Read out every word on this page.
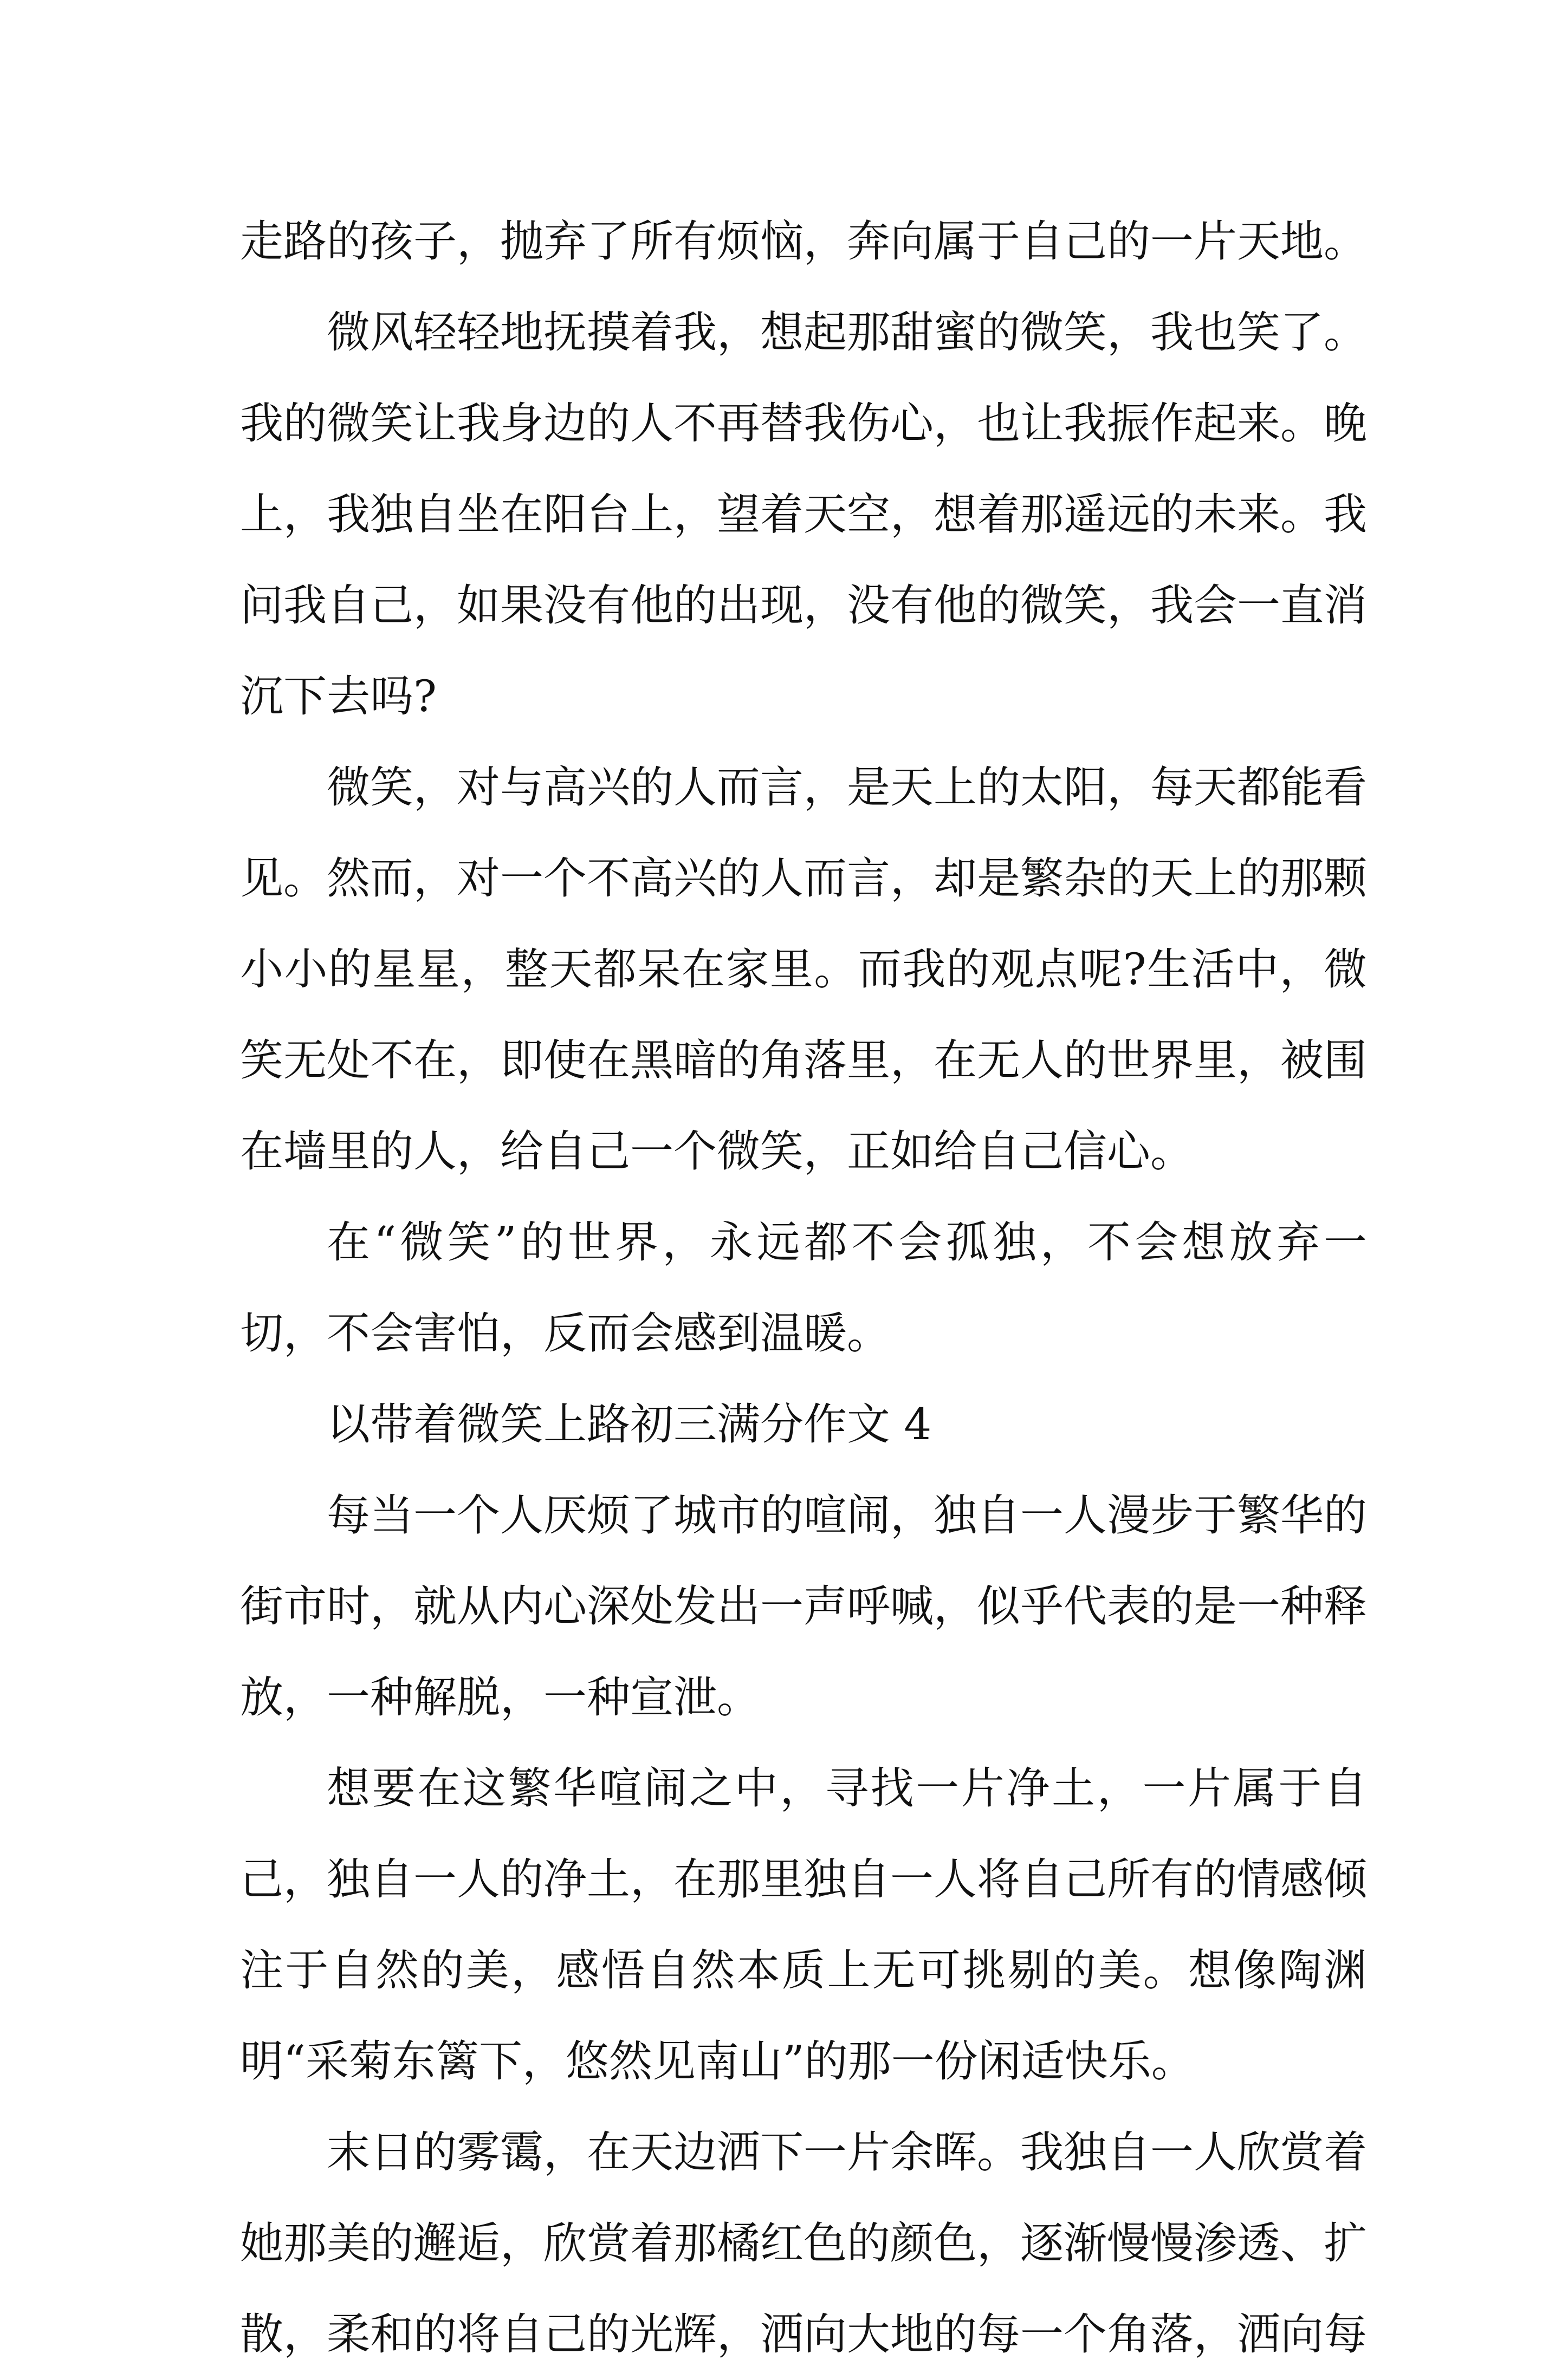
走路的孩子，抛弃了所有烦恼，奔向属于自己的一片天地。

微风轻轻地抚摸着我，想起那甜蜜的微笑，我也笑了。我的微笑让我身边的人不再替我伤心，也让我振作起来。晚上，我独自坐在阳台上，望着天空，想着那遥远的未来。我问我自己，如果没有他的出现，没有他的微笑，我会一直消沉下去吗?

微笑，对与高兴的人而言，是天上的太阳，每天都能看见。然而，对一个不高兴的人而言，却是繁杂的天上的那颗小小的星星，整天都呆在家里。而我的观点呢?生活中，微笑无处不在，即使在黑暗的角落里，在无人的世界里，被围在墙里的人，给自己一个微笑，正如给自己信心。

在“微笑”的世界，永远都不会孤独，不会想放弃一切，不会害怕，反而会感到温暖。

以带着微笑上路初三满分作文 4

每当一个人厌烦了城市的喧闹，独自一人漫步于繁华的街市时，就从内心深处发出一声呼喊，似乎代表的是一种释放，一种解脱，一种宣泄。

想要在这繁华喧闹之中，寻找一片净土，一片属于自己，独自一人的净土，在那里独自一人将自己所有的情感倾注于自然的美，感悟自然本质上无可挑剔的美。想像陶渊明“采菊东篱下，悠然见南山”的那一份闲适快乐。

末日的雾霭，在天边洒下一片余晖。我独自一人欣赏着她那美的邂逅，欣赏着那橘红色的颜色，逐渐慢慢渗透、扩散，柔和的将自己的光辉，洒向大地的每一个角落，洒向每
